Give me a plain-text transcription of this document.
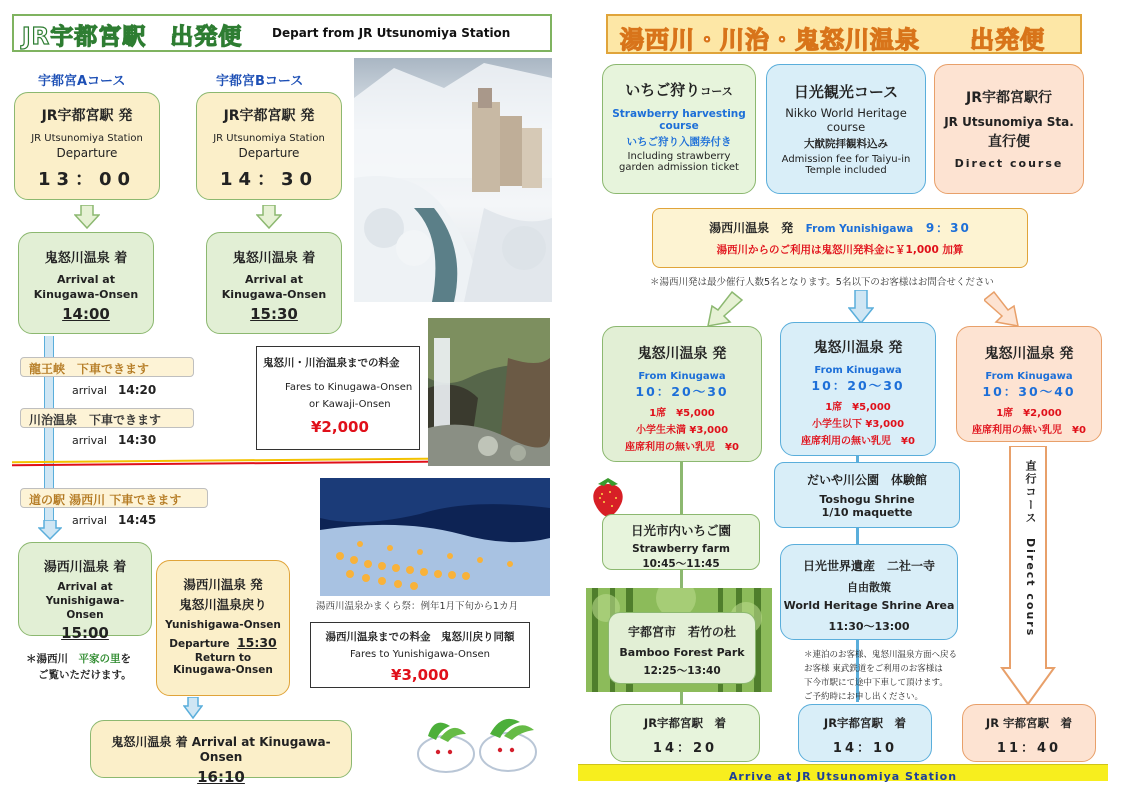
JR宇都宮駅　出発便 Depart from JR Utsunomiya Station
宇都宮Aコース	宇都宮Bコース
JR宇都宮駅 発
JR Utsunomiya Station
Departure
13：00
JR宇都宮駅 発
JR Utsunomiya Station
Departure
14：30
鬼怒川温泉 着
Arrival at
Kinugawa-Onsen
14:00
鬼怒川温泉 着
Arrival at
Kinugawa-Onsen
15:30
龍王峡　下車できます
arrival 14:20
川治温泉　下車できます
arrival 14:30
道の駅 湯西川 下車できます
arrival 14:45
湯西川温泉 着
Arrival at Yunishigawa-
Onsen
15:00
＊湯西川　平家の里を
ご覧いただけます。
湯西川温泉 発
鬼怒川温泉戻り
Yunishigawa-Onsen
Departure 15:30
Return to
Kinugawa-Onsen
鬼怒川温泉 着 Arrival at Kinugawa-Onsen
16:10
鬼怒川・川治温泉までの料金
Fares to Kinugawa-Onsen
or Kawaji-Onsen
¥2,000
湯西川温泉までの料金　鬼怒川戻り同額
Fares to Yunishigawa-Onsen
¥3,000
湯西川温泉かまくら祭：例年1月下旬から1カ月
湯西川・川治・鬼怒川温泉　　出発便
いちご狩りコース
Strawberry harvesting
course
いちご狩り入園券付き
Including strawberry
garden admission ticket
日光観光コース
Nikko World Heritage
course
大猷院拝観料込み
Admission fee for Taiyu-in
Temple included
JR宇都宮駅行
JR Utsunomiya Sta.
直行便
Direct course
湯西川温泉　発 From Yunishigawa 9：30
湯西川からのご利用は鬼怒川発料金に￥1,000 加算
＊湯西川発は最少催行人数5名となります。5名以下のお客様はお問合せください
鬼怒川温泉 発
From Kinugawa
10：20～30
1席　¥5,000
小学生未満 ¥3,000
座席利用の無い乳児　¥0
鬼怒川温泉 発
From Kinugawa
10：20～30
1席　¥5,000
小学生以下 ¥3,000
座席利用の無い乳児　¥0
鬼怒川温泉 発
From Kinugawa
10：30～40
1席　¥2,000
座席利用の無い乳児　¥0
日光市内いちご園
Strawberry farm
10:45～11:45
宇都宮市　若竹の杜
Bamboo Forest Park
12:25～13:40
だいや川公園　体験館
Toshogu Shrine
1/10 maquette
日光世界遺産　二社一寺
自由散策
World Heritage Shrine Area
11:30～13:00
＊連泊のお客様、鬼怒川温泉方面へ戻る
お客様 東武鉄道をご利用のお客様は
下今市駅にて途中下車して頂けます。
ご予約時にお申し出ください。
直行コース　Direct cours
JR宇都宮駅　着
14：20
JR宇都宮駅　着
14：10
JR 宇都宮駅　着
11：40
Arrive at JR Utsunomiya Station
